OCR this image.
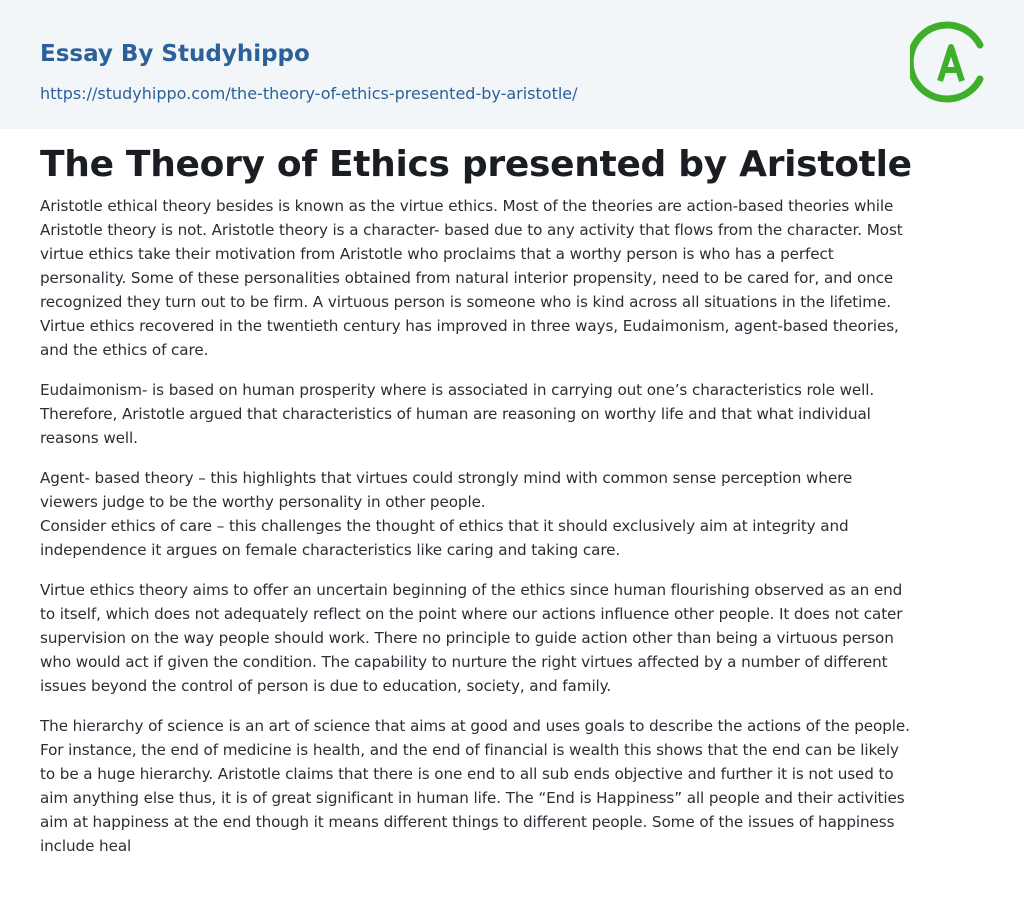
Essay By Studyhippo
https://studyhippo.com/the-theory-of-ethics-presented-by-aristotle/
The Theory of Ethics presented by Aristotle

Aristotle ethical theory besides is known as the virtue ethics. Most of the theories are action-based theories while
Aristotle theory is not. Aristotle theory is a character- based due to any activity that flows from the character. Most
virtue ethics take their motivation from Aristotle who proclaims that a worthy person is who has a perfect
personality. Some of these personalities obtained from natural interior propensity, need to be cared for, and once
recognized they turn out to be firm. A virtuous person is someone who is kind across all situations in the lifetime.
Virtue ethics recovered in the twentieth century has improved in three ways, Eudaimonism, agent-based theories,
and the ethics of care.

Eudaimonism- is based on human prosperity where is associated in carrying out one’s characteristics role well.
Therefore, Aristotle argued that characteristics of human are reasoning on worthy life and that what individual
reasons well.

Agent- based theory – this highlights that virtues could strongly mind with common sense perception where
viewers judge to be the worthy personality in other people.
Consider ethics of care – this challenges the thought of ethics that it should exclusively aim at integrity and
independence it argues on female characteristics like caring and taking care.

Virtue ethics theory aims to offer an uncertain beginning of the ethics since human flourishing observed as an end
to itself, which does not adequately reflect on the point where our actions influence other people. It does not cater
supervision on the way people should work. There no principle to guide action other than being a virtuous person
who would act if given the condition. The capability to nurture the right virtues affected by a number of different
issues beyond the control of person is due to education, society, and family.

The hierarchy of science is an art of science that aims at good and uses goals to describe the actions of the people.
For instance, the end of medicine is health, and the end of financial is wealth this shows that the end can be likely
to be a huge hierarchy. Aristotle claims that there is one end to all sub ends objective and further it is not used to
aim anything else thus, it is of great significant in human life. The “End is Happiness” all people and their activities
aim at happiness at the end though it means different things to different people. Some of the issues of happiness
include heal
